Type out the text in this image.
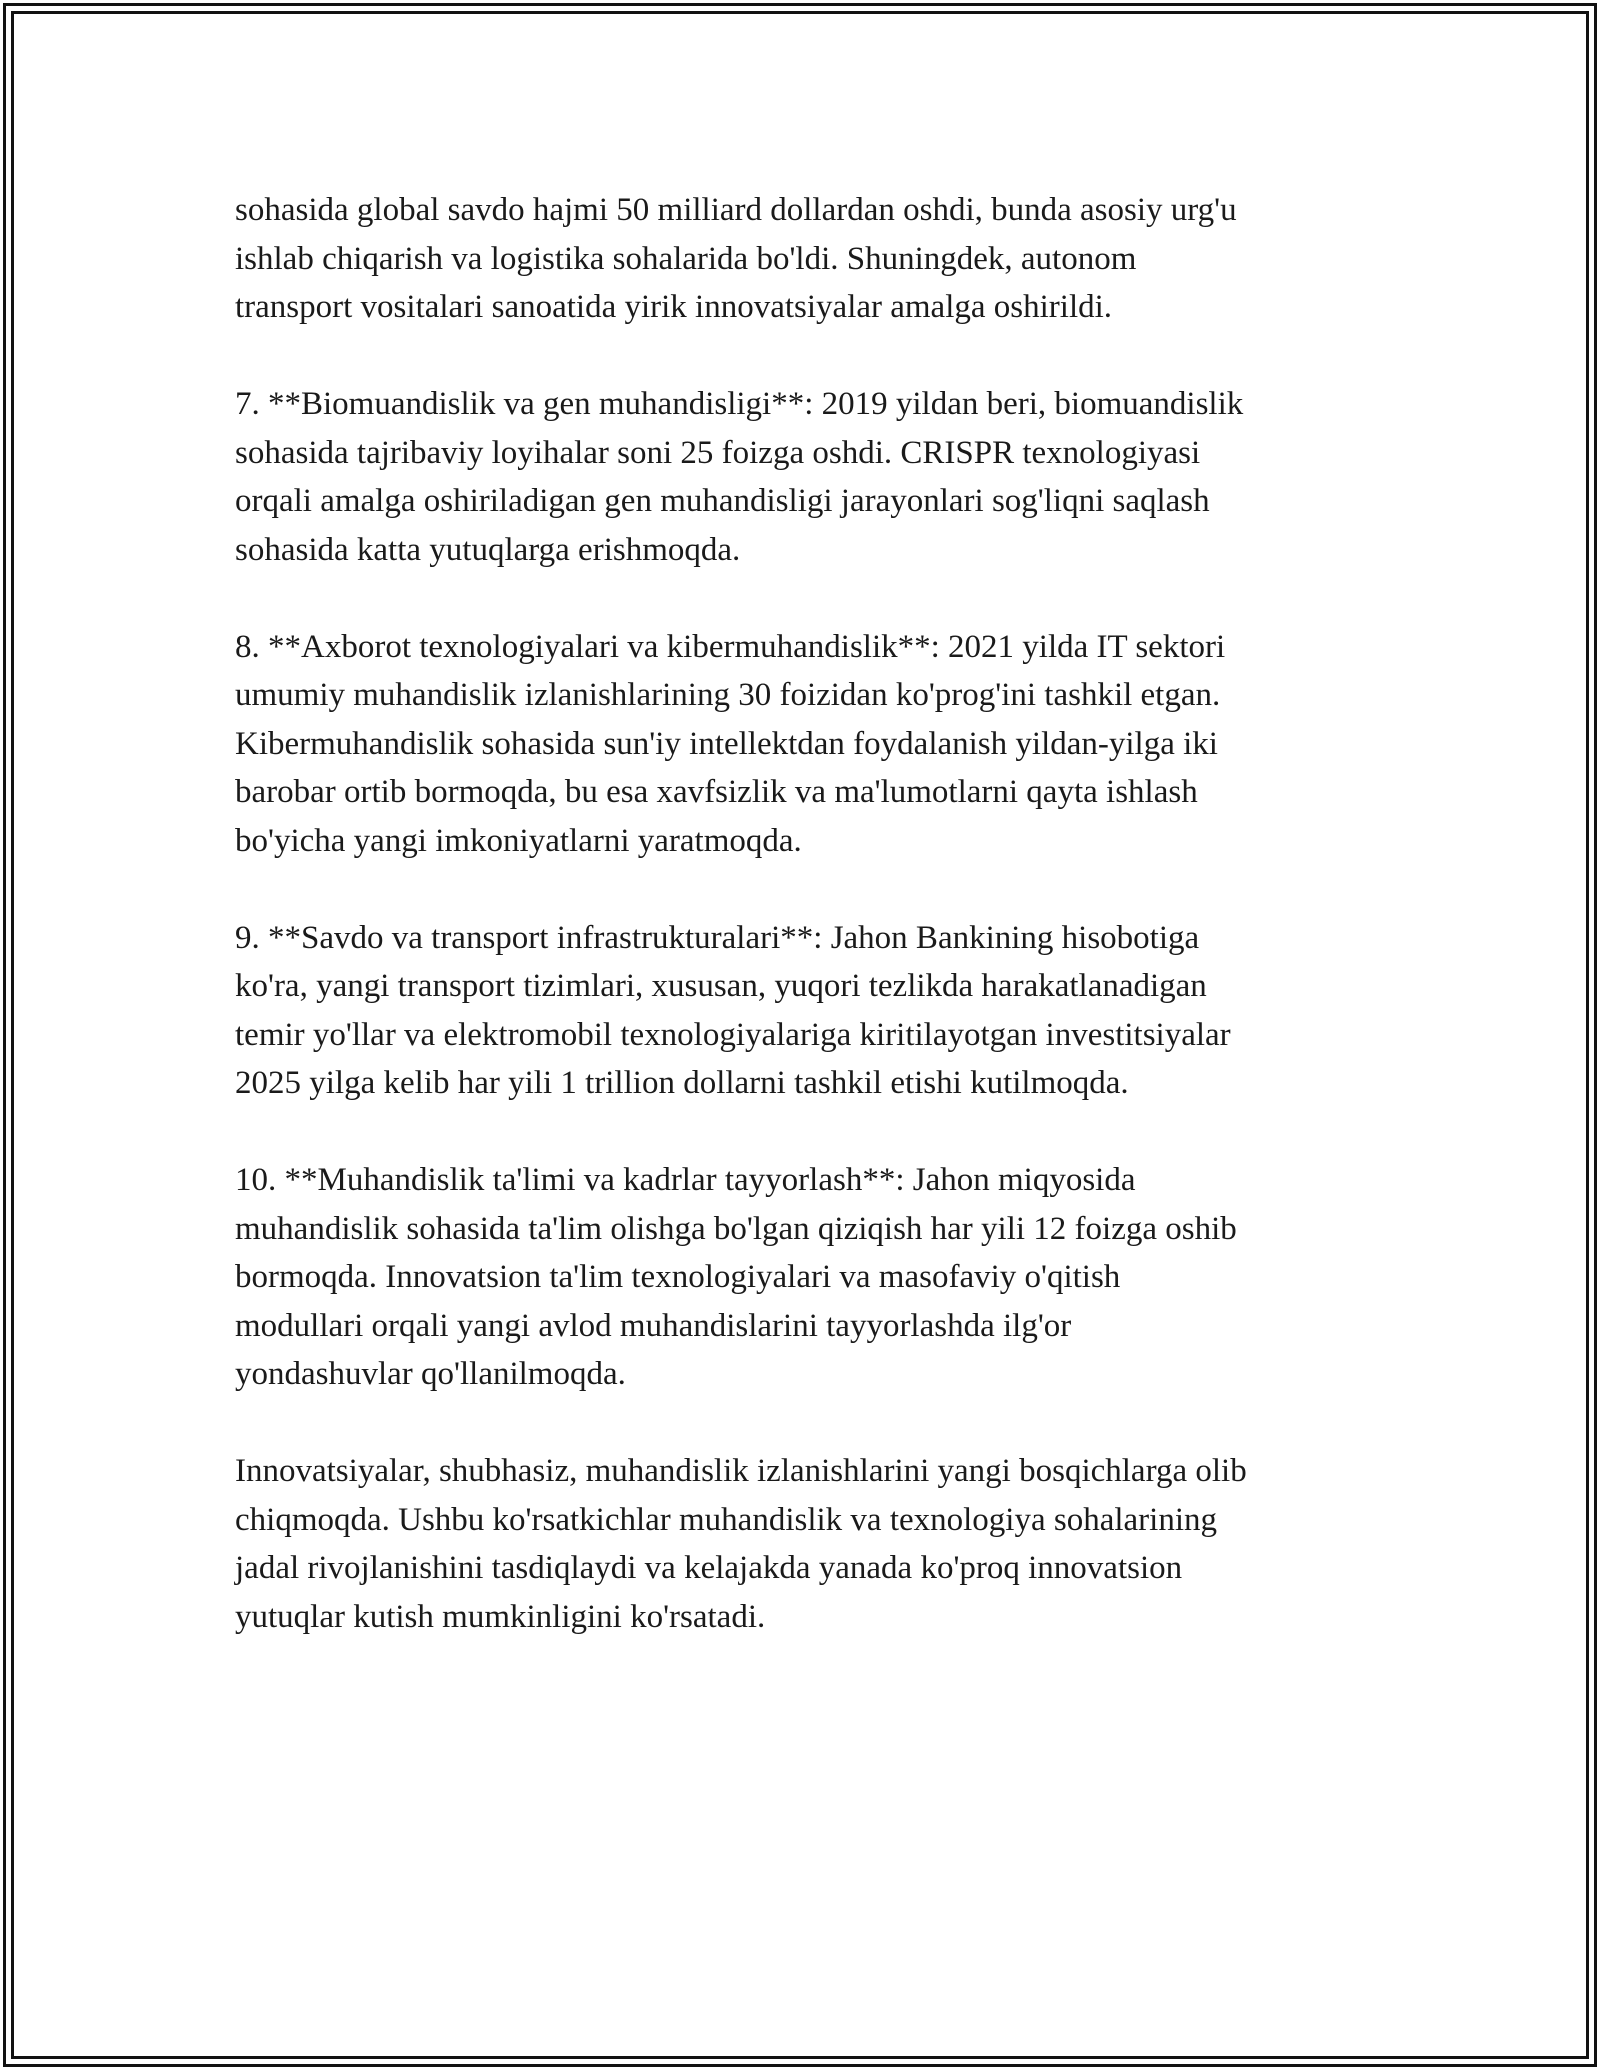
sohasida global savdo hajmi 50 milliard dollardan oshdi, bunda asosiy urg'u
ishlab chiqarish va logistika sohalarida bo'ldi. Shuningdek, autonom
transport vositalari sanoatida yirik innovatsiyalar amalga oshirildi.

7. **Biomuandislik va gen muhandisligi**: 2019 yildan beri, biomuandislik
sohasida tajribaviy loyihalar soni 25 foizga oshdi. CRISPR texnologiyasi
orqali amalga oshiriladigan gen muhandisligi jarayonlari sog'liqni saqlash
sohasida katta yutuqlarga erishmoqda.

8. **Axborot texnologiyalari va kibermuhandislik**: 2021 yilda IT sektori
umumiy muhandislik izlanishlarining 30 foizidan ko'prog'ini tashkil etgan.
Kibermuhandislik sohasida sun'iy intellektdan foydalanish yildan-yilga iki
barobar ortib bormoqda, bu esa xavfsizlik va ma'lumotlarni qayta ishlash
bo'yicha yangi imkoniyatlarni yaratmoqda.

9. **Savdo va transport infrastrukturalari**: Jahon Bankining hisobotiga
ko'ra, yangi transport tizimlari, xususan, yuqori tezlikda harakatlanadigan
temir yo'llar va elektromobil texnologiyalariga kiritilayotgan investitsiyalar
2025 yilga kelib har yili 1 trillion dollarni tashkil etishi kutilmoqda.

10. **Muhandislik ta'limi va kadrlar tayyorlash**: Jahon miqyosida
muhandislik sohasida ta'lim olishga bo'lgan qiziqish har yili 12 foizga oshib
bormoqda. Innovatsion ta'lim texnologiyalari va masofaviy o'qitish
modullari orqali yangi avlod muhandislarini tayyorlashda ilg'or
yondashuvlar qo'llanilmoqda.

Innovatsiyalar, shubhasiz, muhandislik izlanishlarini yangi bosqichlarga olib
chiqmoqda. Ushbu ko'rsatkichlar muhandislik va texnologiya sohalarining
jadal rivojlanishini tasdiqlaydi va kelajakda yanada ko'proq innovatsion
yutuqlar kutish mumkinligini ko'rsatadi.
